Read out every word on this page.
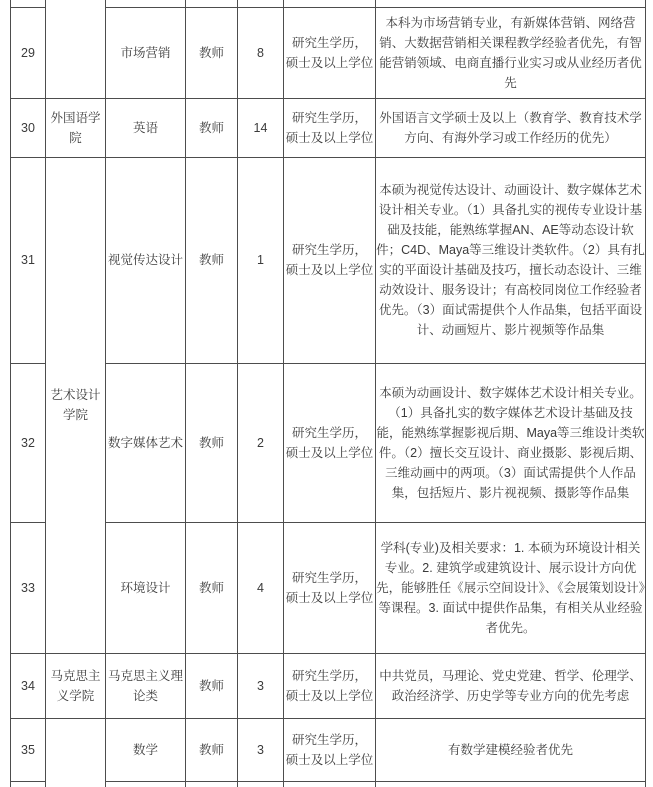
29		市场营销	教师	8	研究生学历，
硕士及以上学位	本科为市场营销专业，有新媒体营销、网络营销、大数据营销相关课程教学经验者优先，有智能营销领域、电商直播行业实习或从业经历者优先
30	外国语学院	英语	教师	14	研究生学历，
硕士及以上学位	外国语言文学硕士及以上（教育学、教育技术学方向、有海外学习或工作经历的优先）
31	艺术设计学院	视觉传达设计	教师	1	研究生学历，
硕士及以上学位	本硕为视觉传达设计、动画设计、数字媒体艺术设计相关专业。（1）具备扎实的视传专业设计基础及技能，能熟练掌握AN、AE等动态设计软件；C4D、Maya等三维设计类软件。（2）具有扎实的平面设计基础及技巧，擅长动态设计、三维动效设计、服务设计；有高校同岗位工作经验者优先。（3）面试需提供个人作品集，包括平面设计、动画短片、影片视频等作品集
32		数字媒体艺术	教师	2	研究生学历，
硕士及以上学位	本硕为动画设计、数字媒体艺术设计相关专业。（1）具备扎实的数字媒体艺术设计基础及技能，能熟练掌握影视后期、Maya等三维设计类软件。（2）擅长交互设计、商业摄影、影视后期、三维动画中的两项。（3）面试需提供个人作品集，包括短片、影片视视频、摄影等作品集
33		环境设计	教师	4	研究生学历，
硕士及以上学位	学科(专业)及相关要求：1. 本硕为环境设计相关专业。2. 建筑学或建筑设计、展示设计方向优先，能够胜任《展示空间设计》、《会展策划设计》等课程。3. 面试中提供作品集，有相关从业经验者优先。
34	马克思主义学院	马克思主义理论类	教师	3	研究生学历，
硕士及以上学位	中共党员，马理论、党史党建、哲学、伦理学、政治经济学、历史学等专业方向的优先考虑
35		数学	教师	3	研究生学历，
硕士及以上学位	有数学建模经验者优先
